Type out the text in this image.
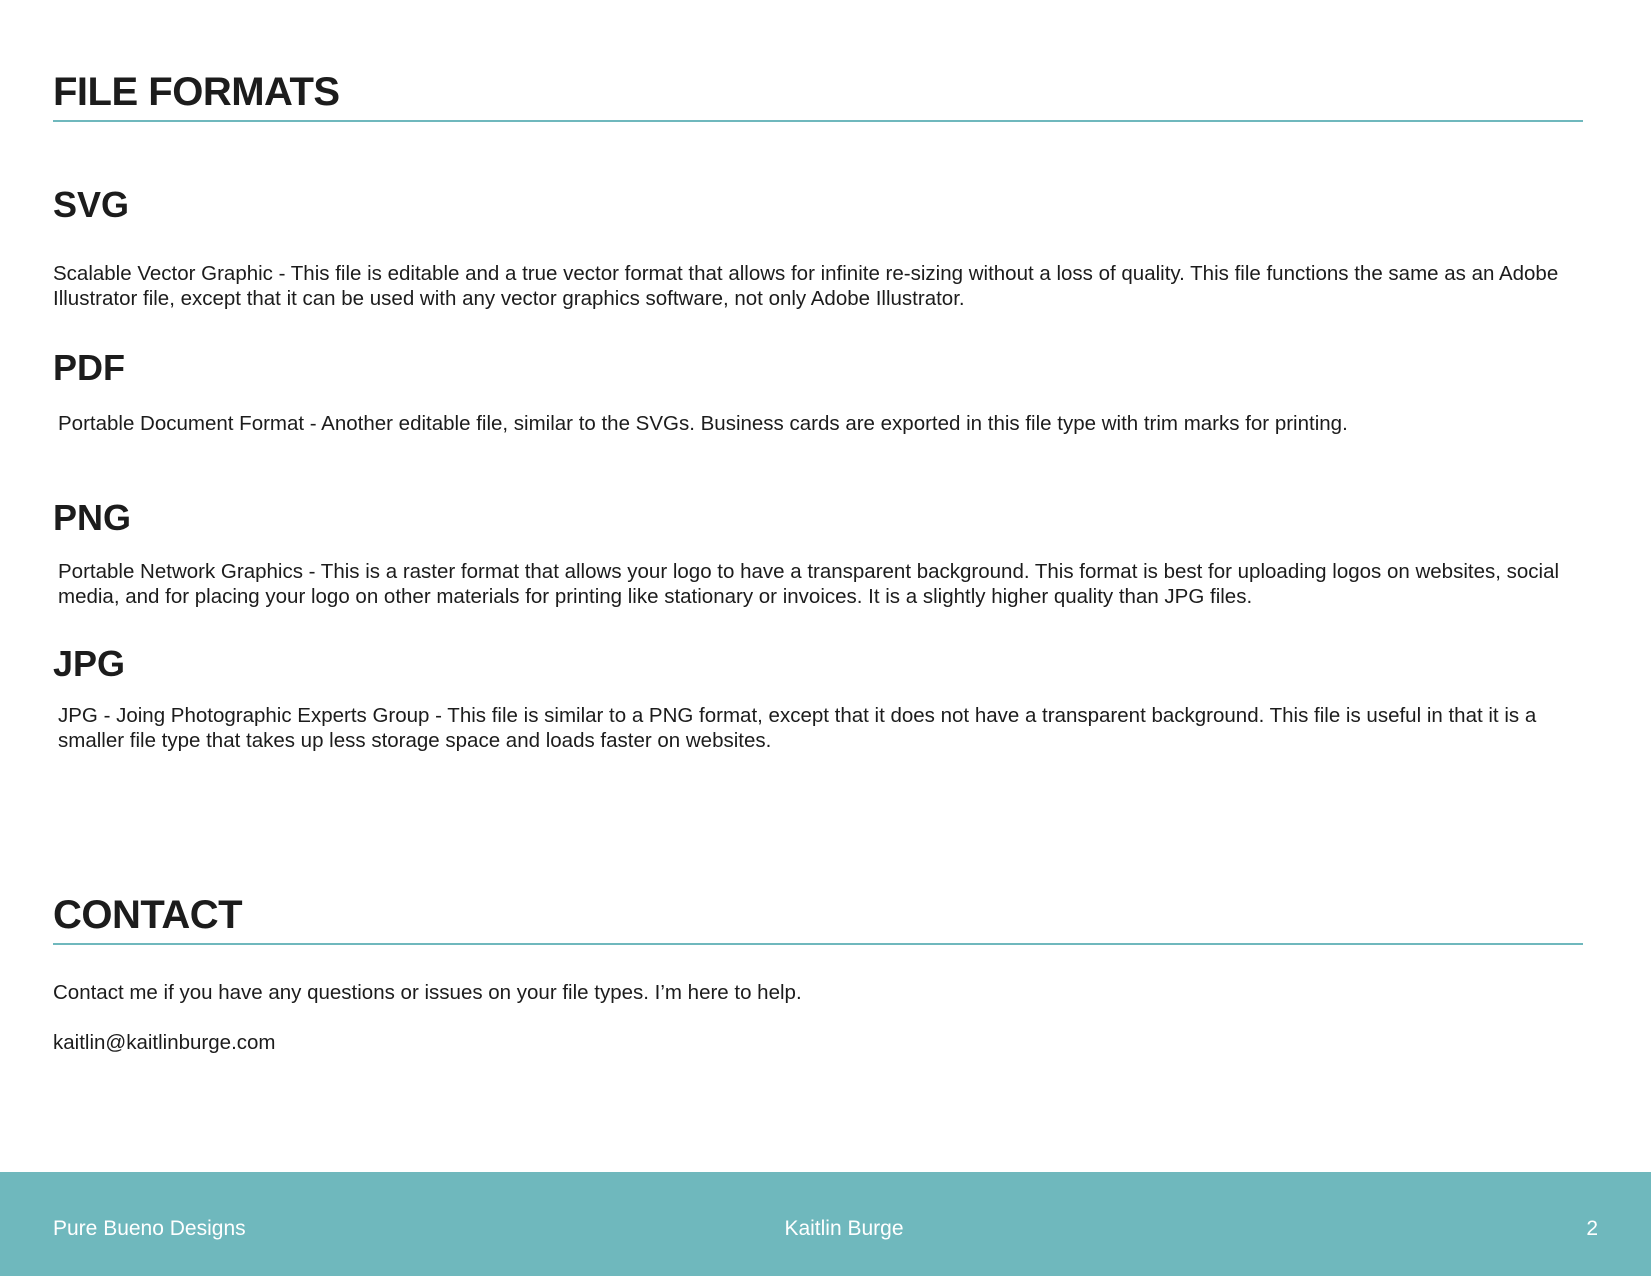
FILE FORMATS
SVG

Scalable Vector Graphic - This file is editable and a true vector format that allows for infinite re-sizing without a loss of quality. This file functions the same as an Adobe Illustrator file, except that it can be used with any vector graphics software, not only Adobe Illustrator.

PDF

Portable Document Format - Another editable file, similar to the SVGs. Business cards are exported in this file type with trim marks for printing.

PNG

Portable Network Graphics - This is a raster format that allows your logo to have a transparent background. This format is best for uploading logos on websites, social media, and for placing your logo on other materials for printing like stationary or invoices. It is a slightly higher quality than JPG files.

JPG

JPG - Joing Photographic Experts Group - This file is similar to a PNG format, except that it does not have a transparent background. This file is useful in that it is a smaller file type that takes up less storage space and loads faster on websites.

CONTACT

Contact me if you have any questions or issues on your file types. I’m here to help.

kaitlin@kaitlinburge.com

Pure Bueno Designs	Kaitlin Burge	2
